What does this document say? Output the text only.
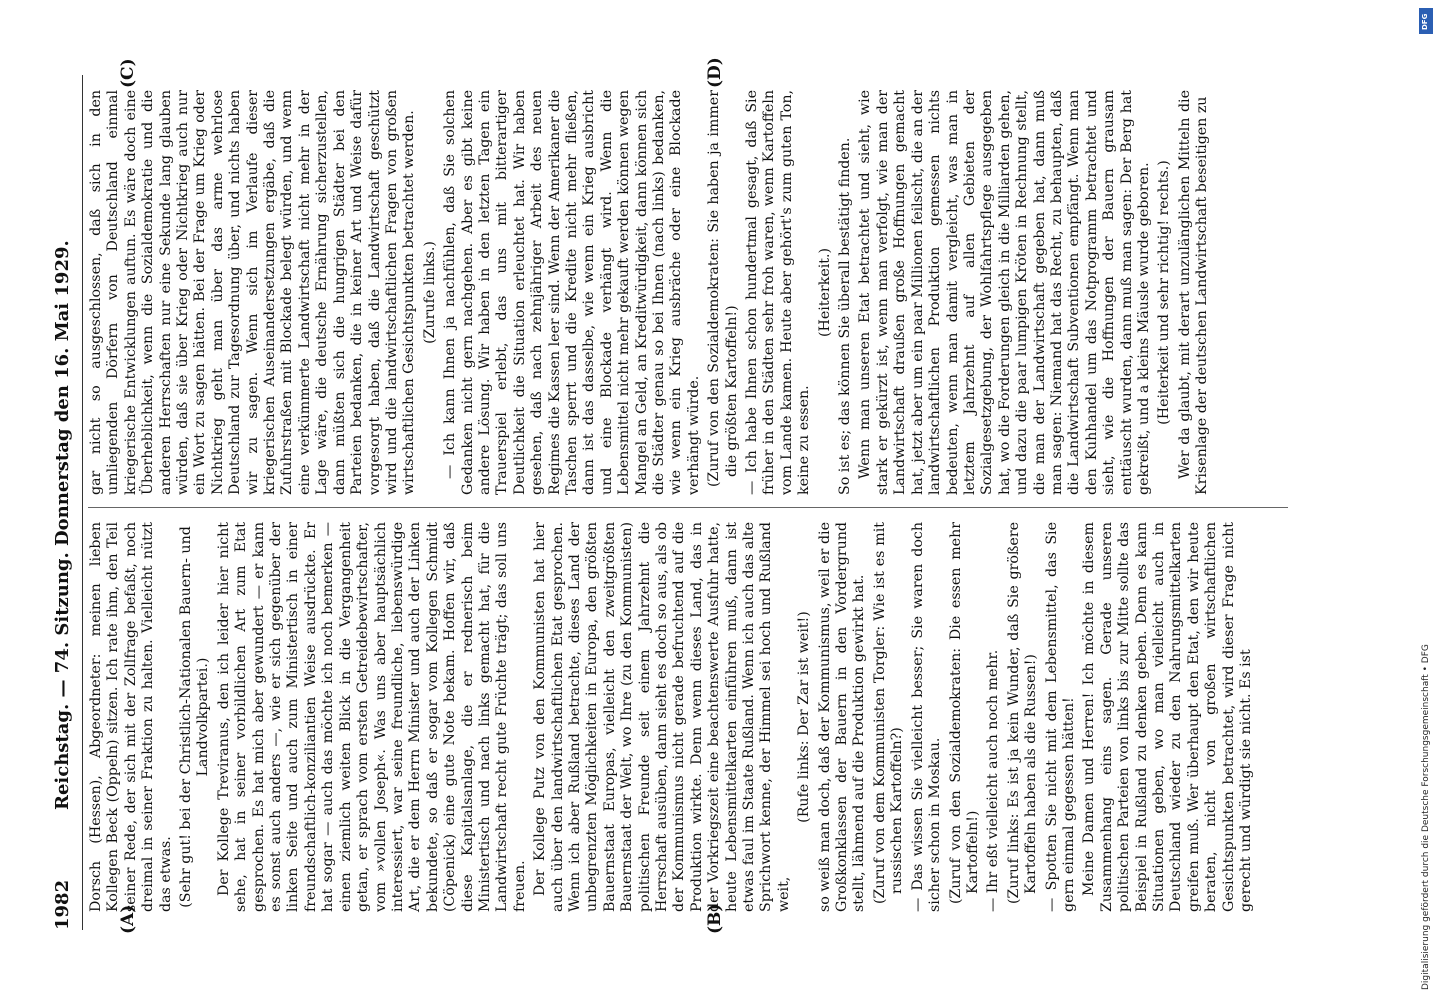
1982
Reichstag. — 74. Sitzung. Donnerstag den 16. Mai 1929.
(A)	(B)
(C)	(D)

Dorsch (Hessen), Abgeordneter: meinen lieben Kollegen Beck (Oppeln) sitzen. Ich rate ihm, den Teil seiner Rede, der sich mit der Zollfrage befaßt, noch dreimal in seiner Fraktion zu halten. Vielleicht nützt das etwas. (Sehr gut! bei der Christlich-Nationalen Bauern- und Landvolkpartei.) Der Kollege Treviranus, den ich leider hier nicht sehe, hat in seiner vorbildlichen Art zum Etat gesprochen. Es hat mich aber gewundert — er kann es sonst auch anders —, wie er sich gegenüber der linken Seite und auch zum Ministertisch in einer freundschaftlich-konziliantien Weise ausdrückte. Er hat sogar — auch das möchte ich noch bemerken — einen ziemlich weiten Blick in die Vergangenheit getan, er sprach vom ersten Getreidebewirtschafter, vom »vollen Joseph«. Was uns aber hauptsächlich interessiert, war seine freundliche, liebenswürdige Art, die er dem Herrn Minister und auch der Linken bekundete, so daß er sogar vom Kollegen Schmidt (Cöpenick) eine gute Note bekam. Hoffen wir, daß diese Kapitalsanlage, die er rednerisch beim Ministertisch und nach links gemacht hat, für die Landwirtschaft recht gute Früchte trägt; das soll uns freuen. Der Kollege Putz von den Kommunisten hat hier auch über den landwirtschaftlichen Etat gesprochen. Wenn ich aber Rußland betrachte, dieses Land der unbegrenzten Möglichkeiten in Europa, den größten Bauernstaat Europas, vielleicht den zweitgrößten Bauernstaat der Welt, wo Ihre (zu den Kommunisten) politischen Freunde seit einem Jahrzehnt die Herrschaft ausüben, dann sieht es doch so aus, als ob der Kommunismus nicht gerade befruchtend auf die Produktion wirkte. Denn wenn dieses Land, das in der Vorkriegszeit eine beachtenswerte Ausfuhr hatte, heute Lebensmittelkarten einführen muß, dann ist etwas faul im Staate Rußland. Wenn ich auch das alte Sprichwort kenne, der Himmel sei hoch und Rußland weit,

(Rufe links: Der Zar ist weit!) so weiß man doch, daß der Kommunismus, weil er die Großkonklassen der Bauern in den Vordergrund stellt, lähmend auf die Produktion gewirkt hat. (Zuruf von dem Kommunisten Torgler: Wie ist es mit russischen Kartoffeln?) — Das wissen Sie vielleicht besser; Sie waren doch sicher schon in Moskau. (Zuruf von den Sozialdemokraten: Die essen mehr Kartoffeln!) — Ihr eßt vielleicht auch noch mehr. (Zuruf links: Es ist ja kein Wunder, daß Sie größere Kartoffeln haben als die Russen!) — Spotten Sie nicht mit dem Lebensmittel, das Sie gern einmal gegessen hätten! Meine Damen und Herren! Ich möchte in diesem Zusammenhang eins sagen. Gerade unseren politischen Parteien von links bis zur Mitte sollte das Beispiel in Rußland zu denken geben. Denn es kann Situationen geben, wo man vielleicht auch in Deutschland wieder zu den Nahrungsmittelkarten greifen muß. Wer überhaupt den Etat, den wir heute beraten, nicht von großen wirtschaftlichen Gesichtspunkten betrachtet, wird dieser Frage nicht gerecht und würdigt sie nicht. Es ist

gar nicht so ausgeschlossen, daß sich in den umliegenden Dörfern von Deutschland einmal kriegerische Entwicklungen auftun. Es wäre doch eine Überheblichkeit, wenn die Sozialdemokratie und die anderen Herrschaften nur eine Sekunde lang glauben würden, daß sie über Krieg oder Nichtkrieg auch nur ein Wort zu sagen hätten. Bei der Frage um Krieg oder Nichtkrieg geht man über das arme wehrlose Deutschland zur Tagesordnung über, und nichts haben wir zu sagen. Wenn sich im Verlaufe dieser kriegerischen Auseinandersetzungen ergäbe, daß die Zufuhrstraßen mit Blockade belegt würden, und wenn eine verkümmerte Landwirtschaft nicht mehr in der Lage wäre, die deutsche Ernährung sicherzustellen, dann müßten sich die hungrigen Städter bei den Parteien bedanken, die in keiner Art und Weise dafür vorgesorgt haben, daß die Landwirtschaft geschützt wird und die landwirtschaftlichen Fragen von großen wirtschaftlichen Gesichtspunkten betrachtet werden. (Zurufe links.) — Ich kann Ihnen ja nachfühlen, daß Sie solchen Gedanken nicht gern nachgehen. Aber es gibt keine andere Lösung. Wir haben in den letzten Tagen ein Trauerspiel erlebt, das uns mit bitterartiger Deutlichkeit die Situation erleuchtet hat. Wir haben gesehen, daß nach zehnjähriger Arbeit des neuen Regimes die Kassen leer sind. Wenn der Amerikaner die Taschen sperrt und die Kredite nicht mehr fließen, dann ist das dasselbe, wie wenn ein Krieg ausbricht und eine Blockade verhängt wird. Wenn die Lebensmittel nicht mehr gekauft werden können wegen Mangel an Geld, an Kreditwürdigkeit, dann können sich die Städter genau so bei Ihnen (nach links) bedanken, wie wenn ein Krieg ausbräche oder eine Blockade verhängt würde. (Zuruf von den Sozialdemokraten: Sie haben ja immer die größten Kartoffeln!) — Ich habe Ihnen schon hundertmal gesagt, daß Sie früher in den Städten sehr froh waren, wenn Kartoffeln vom Lande kamen. Heute aber gehört's zum guten Ton, keine zu essen.

(Heiterkeit.) So ist es; das können Sie überall bestätigt finden. Wenn man unseren Etat betrachtet und sieht, wie stark er gekürzt ist, wenn man verfolgt, wie man der Landwirtschaft draußen große Hoffnungen gemacht hat, jetzt aber um ein paar Millionen feilscht, die an der landwirtschaftlichen Produktion gemessen nichts bedeuten, wenn man damit vergleicht, was man in letztem Jahrzehnt auf allen Gebieten der Sozialgesetzgebung, der Wohlfahrtspflege ausgegeben hat, wo die Forderungen gleich in die Milliarden gehen, und dazu die paar lumpigen Kröten in Rechnung stellt, die man der Landwirtschaft gegeben hat, dann muß man sagen: Niemand hat das Recht, zu behaupten, daß die Landwirtschaft Subventionen empfängt. Wenn man den Kuhhandel um das Notprogramm betrachtet und sieht, wie die Hoffnungen der Bauern grausam enttäuscht wurden, dann muß man sagen: Der Berg hat gekreißt, und a kleins Mäusle wurde geboren. (Heiterkeit und sehr richtig! rechts.) Wer da glaubt, mit derart unzulänglichen Mitteln die Krisenlage der deutschen Landwirtschaft beseitigen zu

Digitalisierung gefördert durch die Deutsche Forschungsgemeinschaft • DFG
DFG
